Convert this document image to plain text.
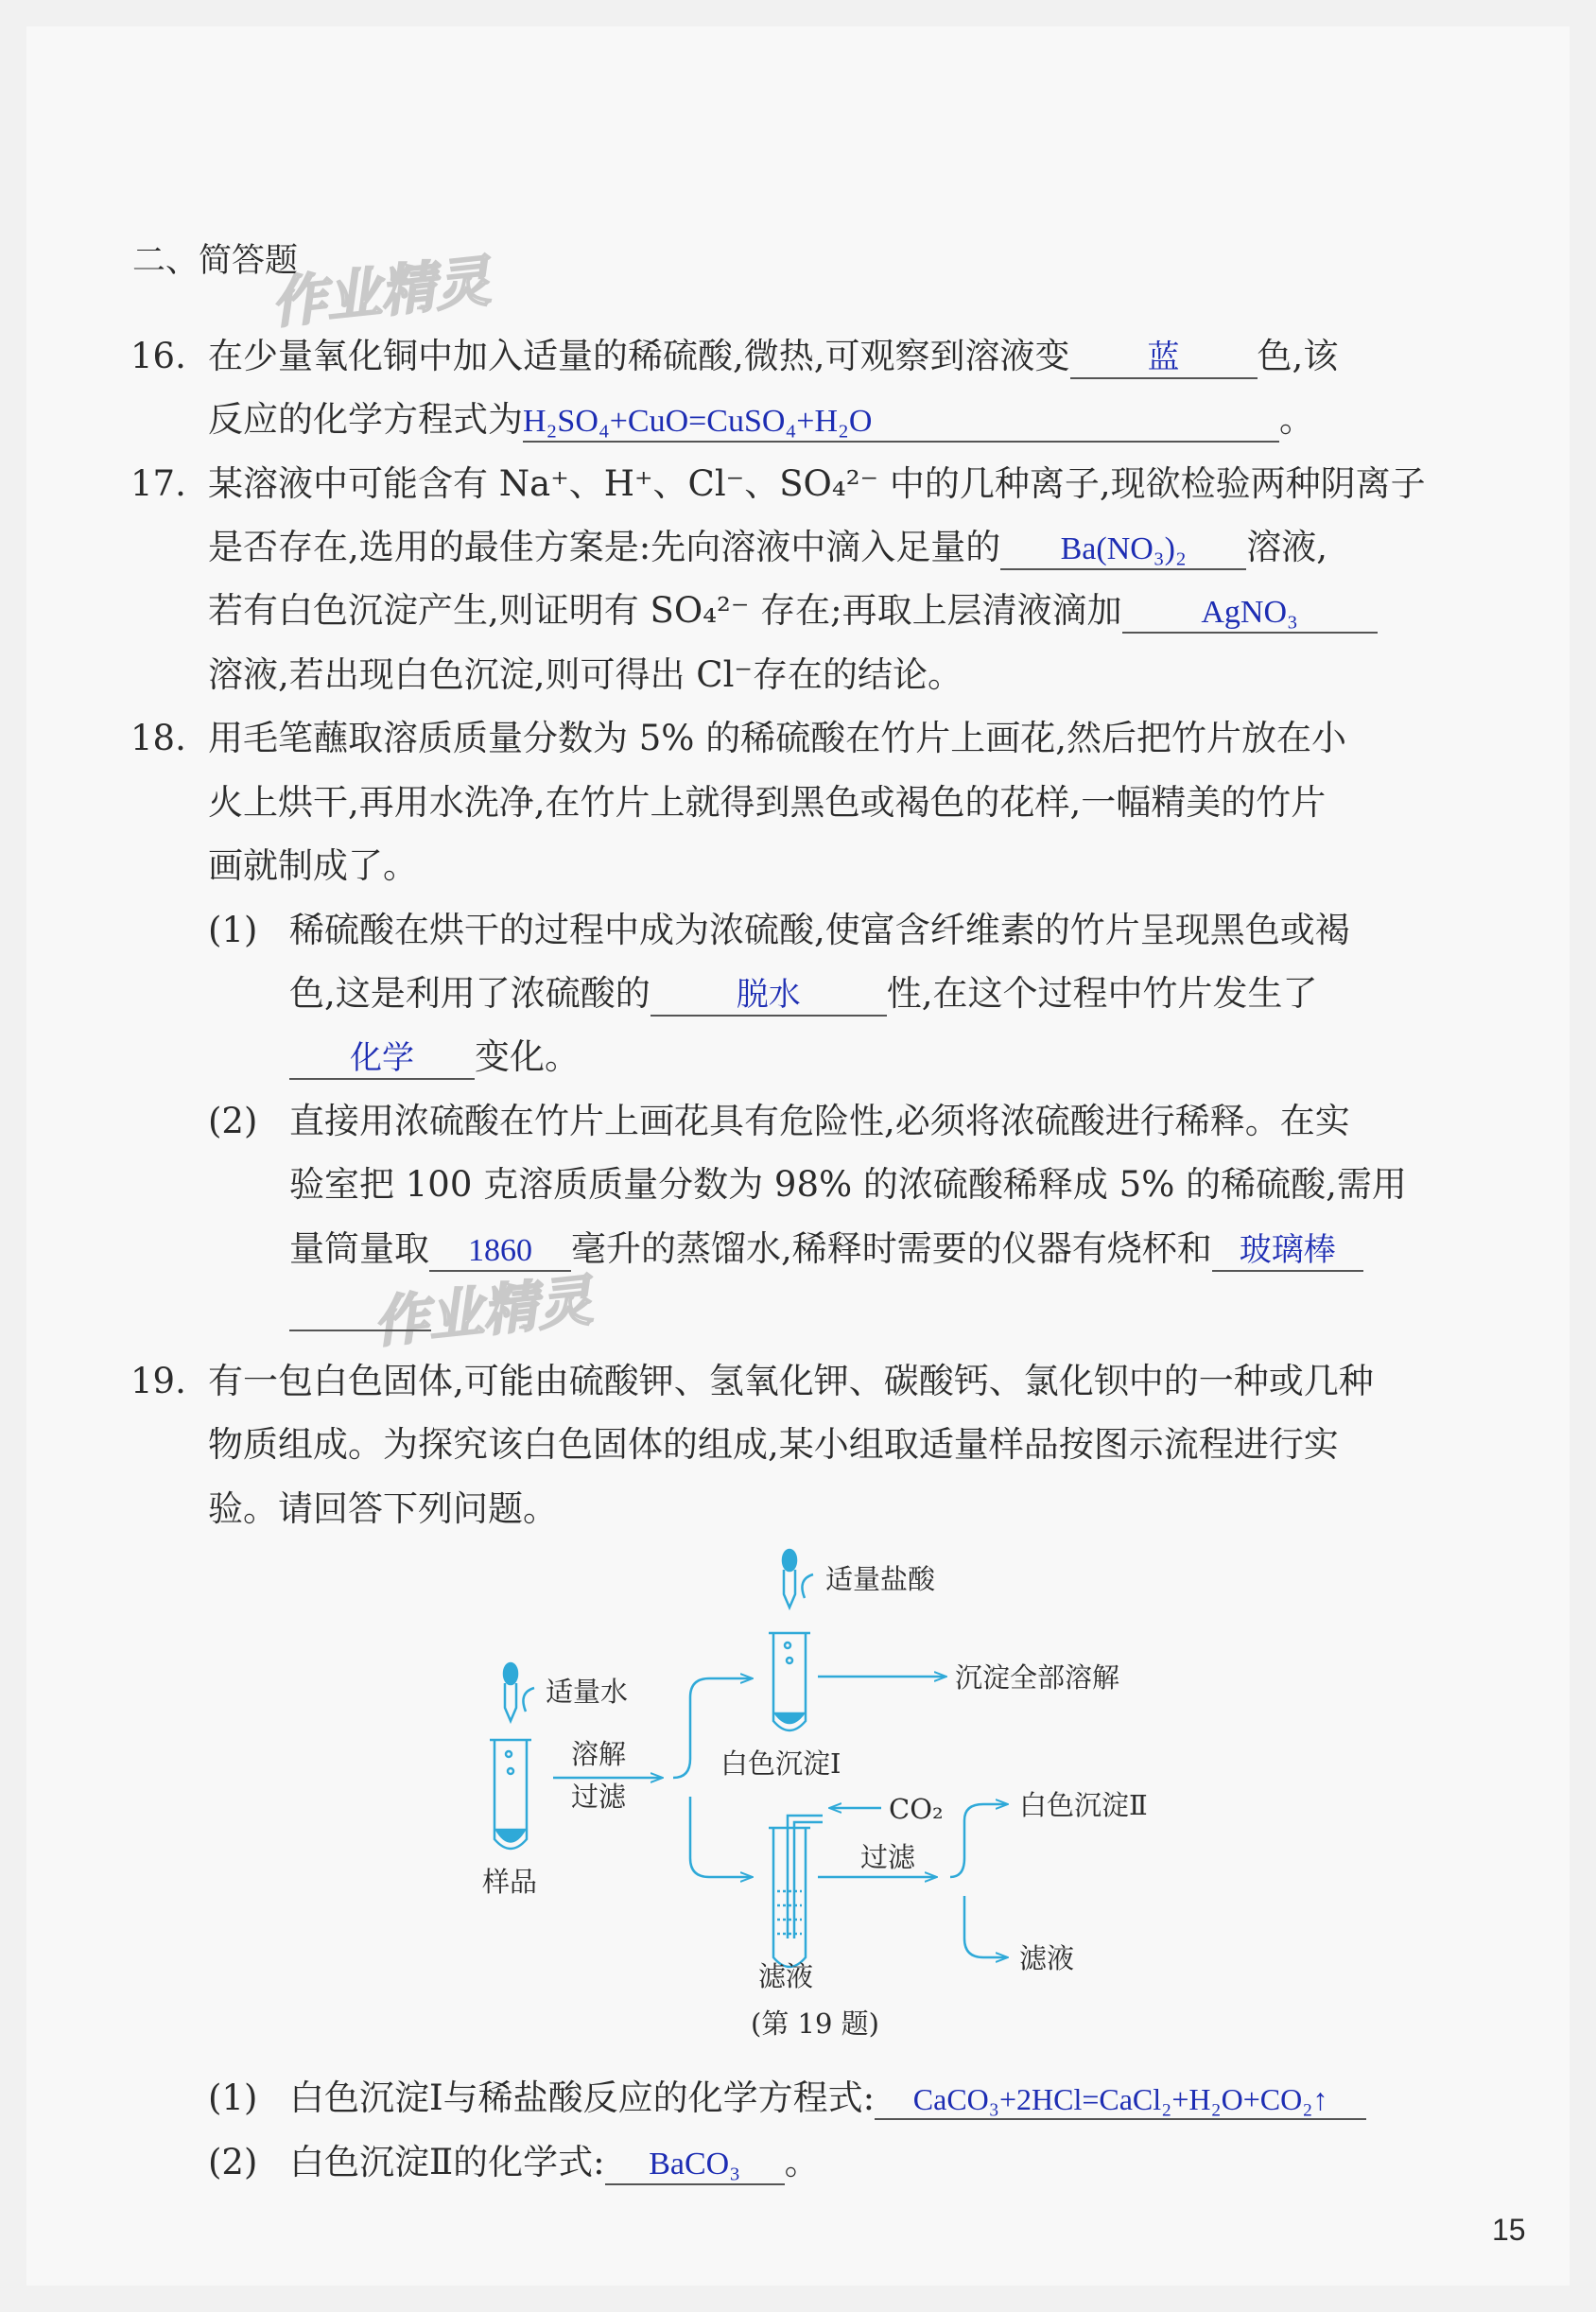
作业精灵
作业精灵
二、简答题
16. 在少量氧化铜中加入适量的稀硫酸,微热,可观察到溶液变 蓝 色,该
反应的化学方程式为H₂SO₄+CuO=CuSO₄+H₂O	。
17. 某溶液中可能含有 Na⁺、H⁺、Cl⁻、SO₄²⁻ 中的几种离子,现欲检验两种阴离子
是否存在,选用的最佳方案是:先向溶液中滴入足量的 Ba(NO₃)₂ 溶液,
若有白色沉淀产生,则证明有 SO₄²⁻ 存在;再取上层清液滴加 AgNO₃
溶液,若出现白色沉淀,则可得出 Cl⁻存在的结论。
18. 用毛笔蘸取溶质质量分数为 5% 的稀硫酸在竹片上画花,然后把竹片放在小
火上烘干,再用水洗净,在竹片上就得到黑色或褐色的花样,一幅精美的竹片
画就制成了。
(1) 稀硫酸在烘干的过程中成为浓硫酸,使富含纤维素的竹片呈现黑色或褐
色,这是利用了浓硫酸的	脱水 性,在这个过程中竹片发生了
化学 变化。
(2) 直接用浓硫酸在竹片上画花具有危险性,必须将浓硫酸进行稀释。在实
验室把 100 克溶质质量分数为 98% 的浓硫酸稀释成 5% 的稀硫酸,需用
量筒量取 1860 毫升的蒸馏水,稀释时需要的仪器有烧杯和 玻璃棒
19. 有一包白色固体,可能由硫酸钾、氢氧化钾、碳酸钙、氯化钡中的一种或几种
物质组成。为探究该白色固体的组成,某小组取适量样品按图示流程进行实
验。请回答下列问题。
适量盐酸
适量水
溶解
过滤
样品
白色沉淀Ⅰ
沉淀全部溶解
CO₂
过滤
滤液
白色沉淀Ⅱ
滤液
(第 19 题)
(1) 白色沉淀Ⅰ与稀盐酸反应的化学方程式: CaCO₃+2HCl=CaCl₂+H₂O+CO₂↑
(2) 白色沉淀Ⅱ的化学式: BaCO₃ 。
15
